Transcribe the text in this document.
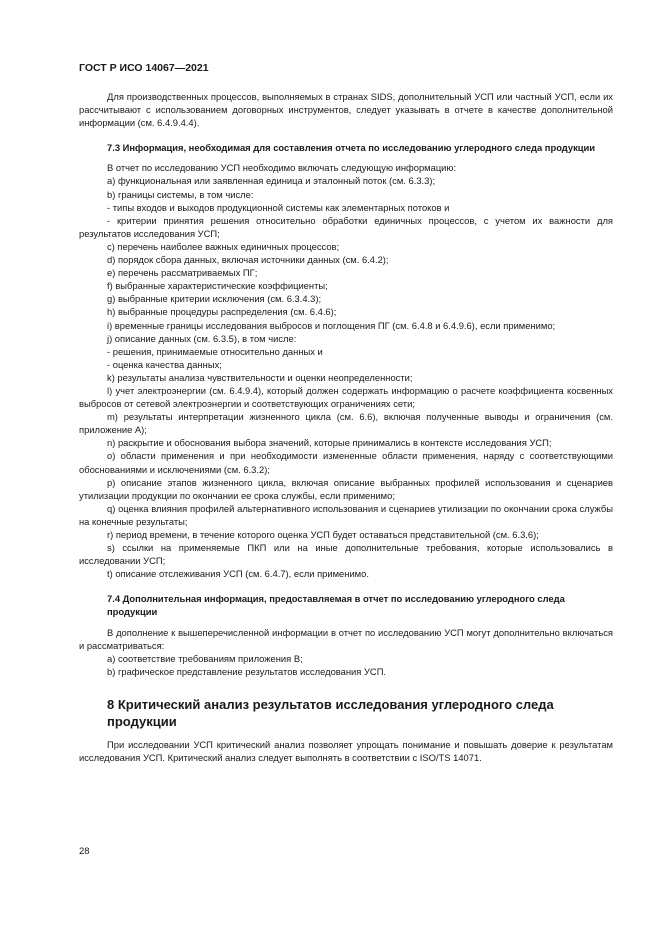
ГОСТ Р ИСО 14067—2021

Для производственных процессов, выполняемых в странах SIDS, дополнительный УСП или частный УСП, если их рассчитывают с использованием договорных инструментов, следует указывать в отчете в качестве дополнительной информации (см. 6.4.9.4.4).

7.3 Информация, необходимая для составления отчета по исследованию углеродного следа продукции

В отчет по исследованию УСП необходимо включать следующую информацию:

a) функциональная или заявленная единица и эталонный поток (см. 6.3.3);

b) границы системы, в том числе:

- типы входов и выходов продукционной системы как элементарных потоков и

- критерии принятия решения относительно обработки единичных процессов, с учетом их важности для результатов исследования УСП;

c) перечень наиболее важных единичных процессов;

d) порядок сбора данных, включая источники данных (см. 6.4.2);

e) перечень рассматриваемых ПГ;

f) выбранные характеристические коэффициенты;

g) выбранные критерии исключения (см. 6.3.4.3);

h) выбранные процедуры распределения (см. 6.4.6);

i) временные границы исследования выбросов и поглощения ПГ (см. 6.4.8 и 6.4.9.6), если применимо;

j) описание данных (см. 6.3.5), в том числе:

- решения, принимаемые относительно данных и

- оценка качества данных;

k) результаты анализа чувствительности и оценки неопределенности;

l) учет электроэнергии (см. 6.4.9.4), который должен содержать информацию о расчете коэффициента косвенных выбросов от сетевой электроэнергии и соответствующих ограничениях сети;

m) результаты интерпретации жизненного цикла (см. 6.6), включая полученные выводы и ограничения (см. приложение А);

n) раскрытие и обоснования выбора значений, которые принимались в контексте исследования УСП;

o) области применения и при необходимости измененные области применения, наряду с соответствующими обоснованиями и исключениями (см. 6.3.2);

p) описание этапов жизненного цикла, включая описание выбранных профилей использования и сценариев утилизации продукции по окончании ее срока службы, если применимо;

q) оценка влияния профилей альтернативного использования и сценариев утилизации по окончании срока службы на конечные результаты;

r) период времени, в течение которого оценка УСП будет оставаться представительной (см. 6.3.6);

s) ссылки на применяемые ПКП или на иные дополнительные требования, которые использовались в исследовании УСП;

t) описание отслеживания УСП (см. 6.4.7), если применимо.

7.4 Дополнительная информация, предоставляемая в отчет по исследованию углеродного следа продукции

В дополнение к вышеперечисленной информации в отчет по исследованию УСП могут дополнительно включаться и рассматриваться:

a) соответствие требованиям приложения В;

b) графическое представление результатов исследования УСП.

8 Критический анализ результатов исследования углеродного следа продукции

При исследовании УСП критический анализ позволяет упрощать понимание и повышать доверие к результатам исследования УСП. Критический анализ следует выполнять в соответствии с ISO/TS 14071.

28
